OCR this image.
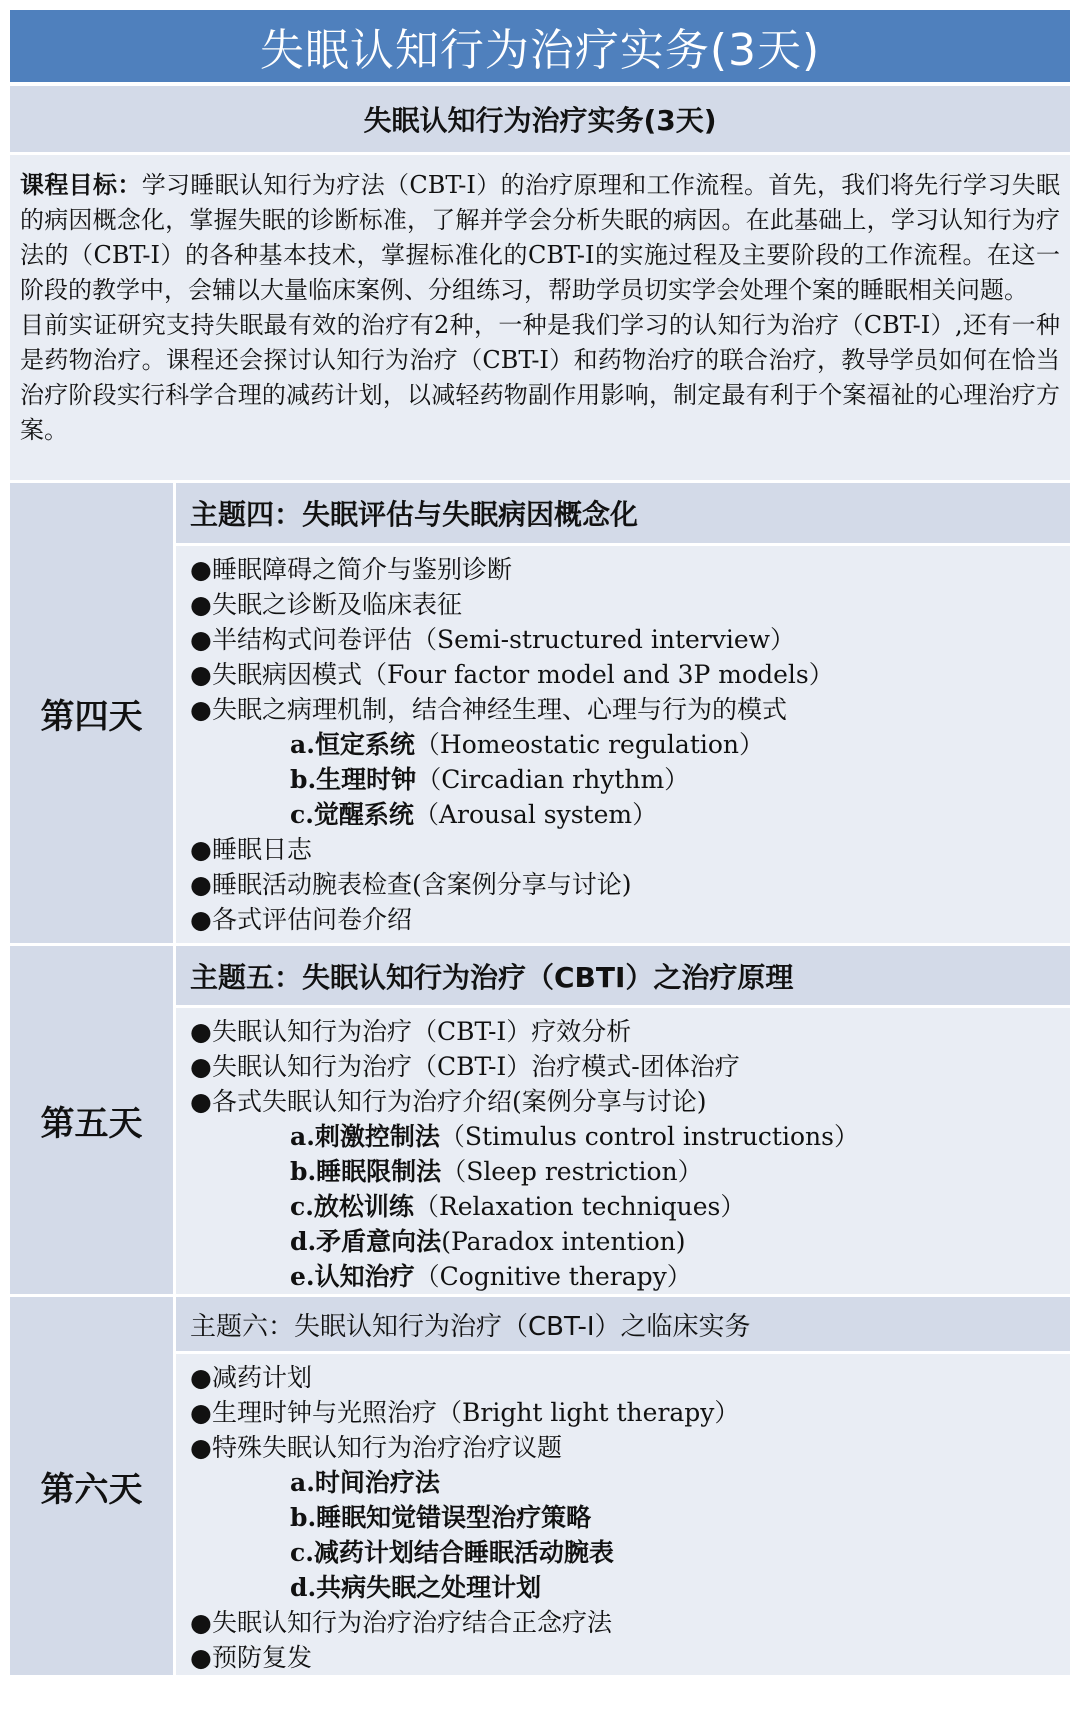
失眠认知行为治疗实务(3天)
失眠认知行为治疗实务(3天)

课程目标：学习睡眠认知行为疗法（CBT-I）的治疗原理和工作流程。首先，我们将先行学习失眠的病因概念化，掌握失眠的诊断标准，了解并学会分析失眠的病因。在此基础上，学习认知行为疗法的（CBT-I）的各种基本技术，掌握标准化的CBT-I的实施过程及主要阶段的工作流程。在这一阶段的教学中，会辅以大量临床案例、分组练习，帮助学员切实学会处理个案的睡眠相关问题。

目前实证研究支持失眠最有效的治疗有2种，一种是我们学习的认知行为治疗（CBT-I）,还有一种是药物治疗。课程还会探讨认知行为治疗（CBT-I）和药物治疗的联合治疗，教导学员如何在恰当治疗阶段实行科学合理的减药计划，以减轻药物副作用影响，制定最有利于个案福祉的心理治疗方案。

第四天
主题四：失眠评估与失眠病因概念化
●睡眠障碍之简介与鉴别诊断
●失眠之诊断及临床表征
●半结构式问卷评估（Semi-structured interview）
●失眠病因模式（Four factor model and 3P models）
●失眠之病理机制，结合神经生理、心理与行为的模式
a.恒定系统（Homeostatic regulation）
b.生理时钟（Circadian rhythm）
c.觉醒系统（Arousal system）
●睡眠日志
●睡眠活动腕表检查(含案例分享与讨论)
●各式评估问卷介绍
第五天
主题五：失眠认知行为治疗（CBTI）之治疗原理
●失眠认知行为治疗（CBT-I）疗效分析
●失眠认知行为治疗（CBT-I）治疗模式-团体治疗
●各式失眠认知行为治疗介绍(案例分享与讨论)
a.刺激控制法（Stimulus control instructions）
b.睡眠限制法（Sleep restriction）
c.放松训练（Relaxation techniques）
d.矛盾意向法(Paradox intention)
e.认知治疗（Cognitive therapy）
第六天
主题六：失眠认知行为治疗（CBT-I）之临床实务
●减药计划
●生理时钟与光照治疗（Bright light therapy）
●特殊失眠认知行为治疗治疗议题
a.时间治疗法
b.睡眠知觉错误型治疗策略
c.减药计划结合睡眠活动腕表
d.共病失眠之处理计划
●失眠认知行为治疗治疗结合正念疗法
●预防复发
